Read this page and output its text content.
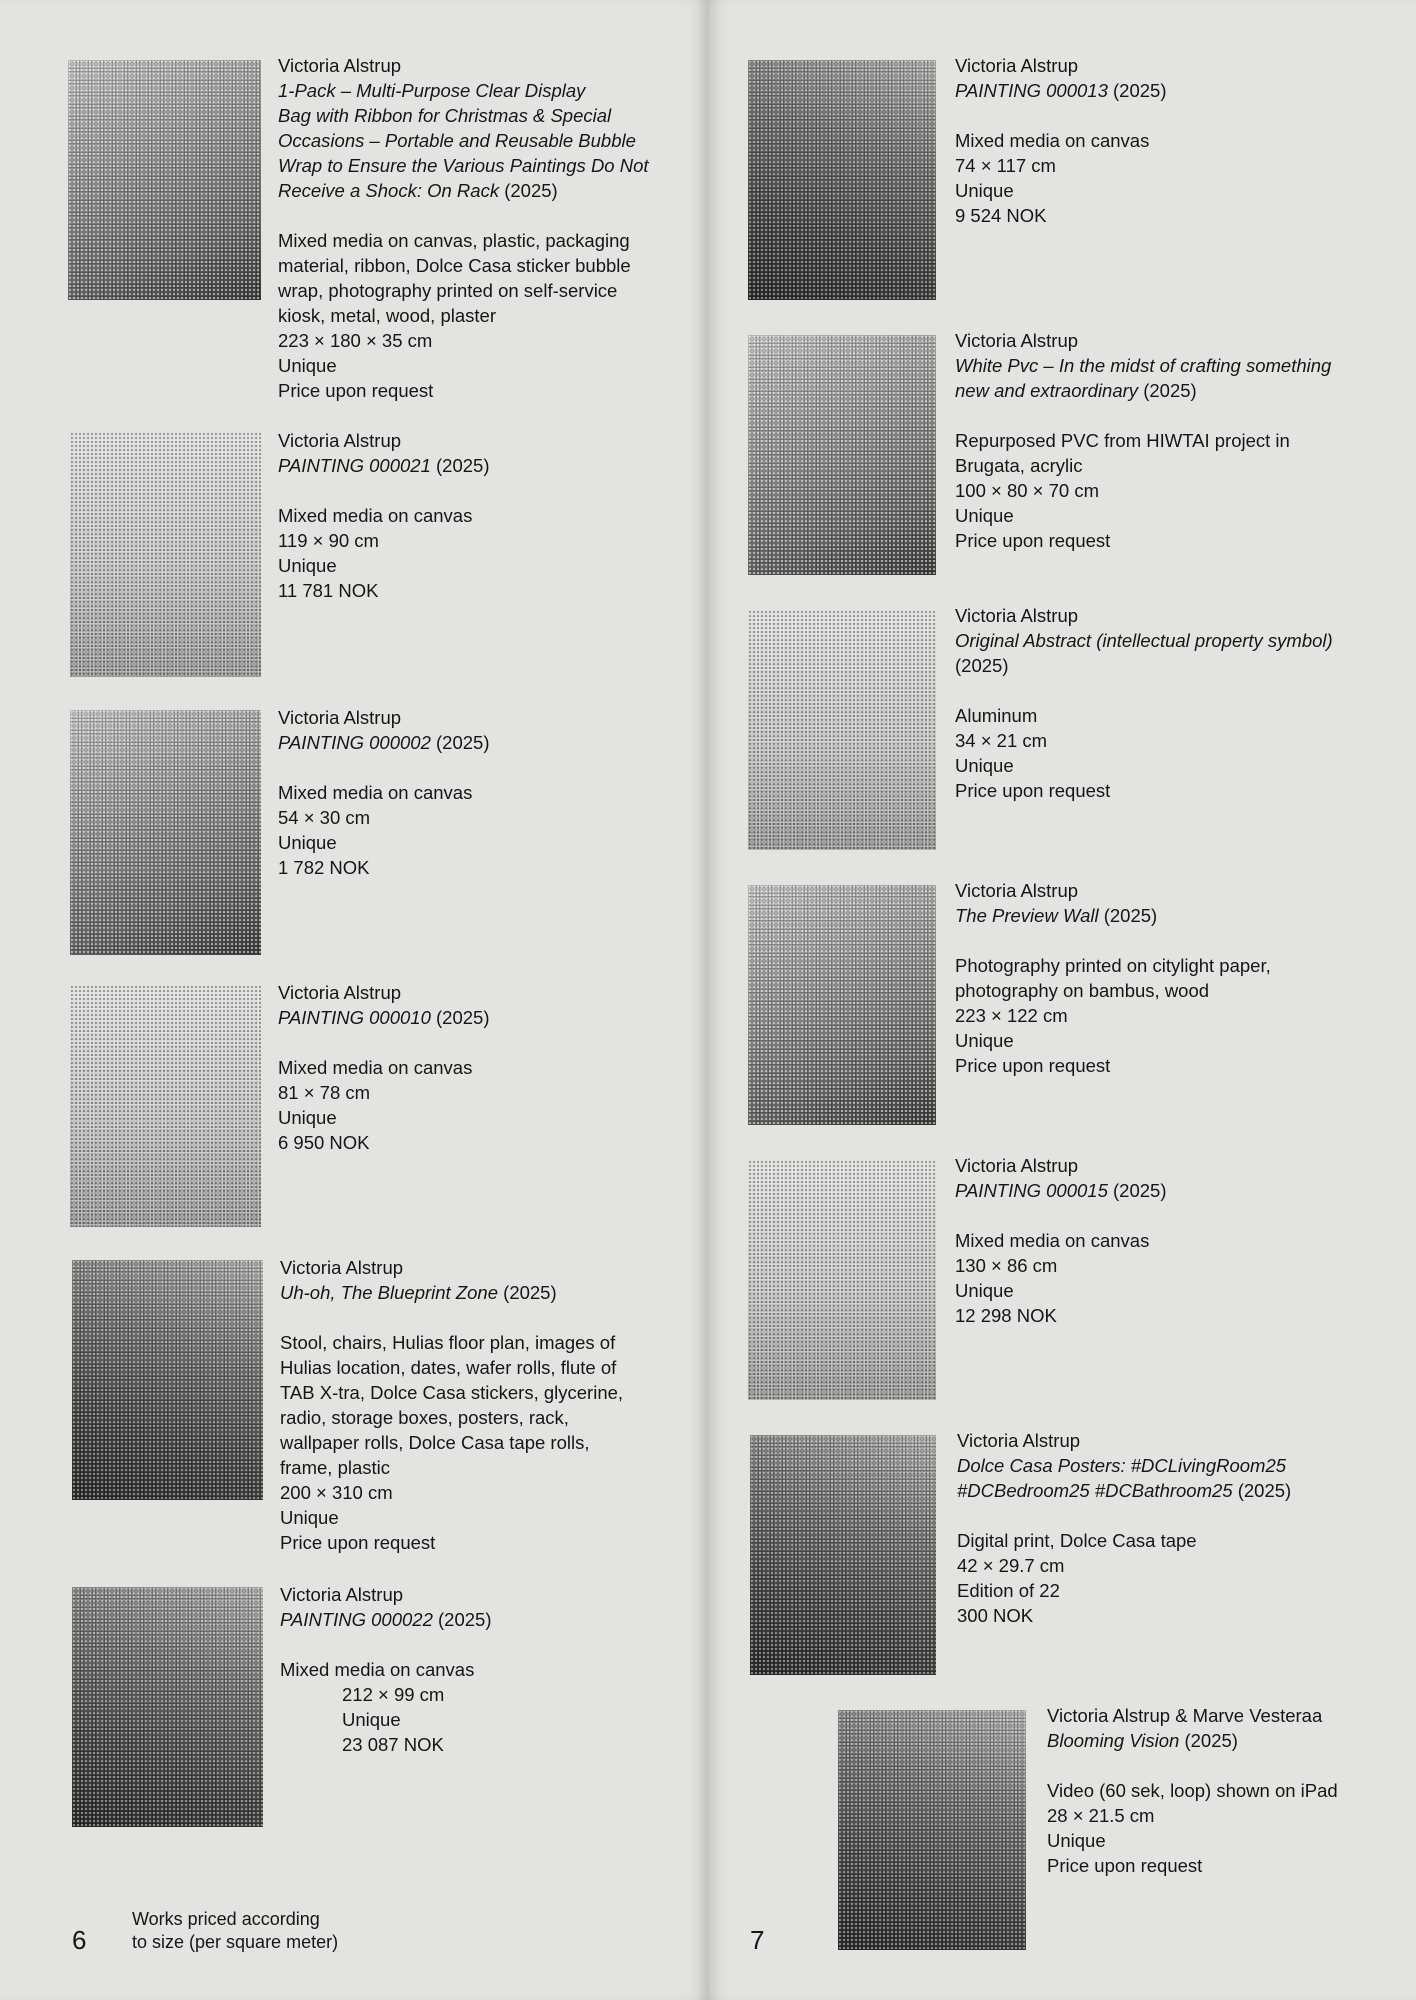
Victoria Alstrup
1-Pack – Multi-Purpose Clear Display
Bag with Ribbon for Christmas & Special
Occasions – Portable and Reusable Bubble
Wrap to Ensure the Various Paintings Do Not
Receive a Shock: On Rack (2025)
Mixed media on canvas, plastic, packaging
material, ribbon, Dolce Casa sticker bubble
wrap, photography printed on self-service
kiosk, metal, wood, plaster
223 × 180 × 35 cm
Unique
Price upon request
Victoria Alstrup
PAINTING 000021 (2025)
Mixed media on canvas
119 × 90 cm
Unique
11 781 NOK
Victoria Alstrup
PAINTING 000002 (2025)
Mixed media on canvas
54 × 30 cm
Unique
1 782 NOK
Victoria Alstrup
PAINTING 000010 (2025)
Mixed media on canvas
81 × 78 cm
Unique
6 950 NOK
Victoria Alstrup
Uh-oh, The Blueprint Zone (2025)
Stool, chairs, Hulias floor plan, images of
Hulias location, dates, wafer rolls, flute of
TAB X-tra, Dolce Casa stickers, glycerine,
radio, storage boxes, posters, rack,
wallpaper rolls, Dolce Casa tape rolls,
frame, plastic
200 × 310 cm
Unique
Price upon request
Victoria Alstrup
PAINTING 000022 (2025)
Mixed media on canvas
212 × 99 cm
Unique
23 087 NOK
6
Works priced according
to size (per square meter)
Victoria Alstrup
PAINTING 000013 (2025)
Mixed media on canvas
74 × 117 cm
Unique
9 524 NOK
Victoria Alstrup
White Pvc – In the midst of crafting something
new and extraordinary (2025)
Repurposed PVC from HIWTAI project in
Brugata, acrylic
100 × 80 × 70 cm
Unique
Price upon request
Victoria Alstrup
Original Abstract (intellectual property symbol)
(2025)
Aluminum
34 × 21 cm
Unique
Price upon request
Victoria Alstrup
The Preview Wall (2025)
Photography printed on citylight paper,
photography on bambus, wood
223 × 122 cm
Unique
Price upon request
Victoria Alstrup
PAINTING 000015 (2025)
Mixed media on canvas
130 × 86 cm
Unique
12 298 NOK
Victoria Alstrup
Dolce Casa Posters: #DCLivingRoom25
#DCBedroom25 #DCBathroom25 (2025)
Digital print, Dolce Casa tape
42 × 29.7 cm
Edition of 22
300 NOK
Victoria Alstrup & Marve Vesteraa
Blooming Vision (2025)
Video (60 sek, loop) shown on iPad
28 × 21.5 cm
Unique
Price upon request
7
